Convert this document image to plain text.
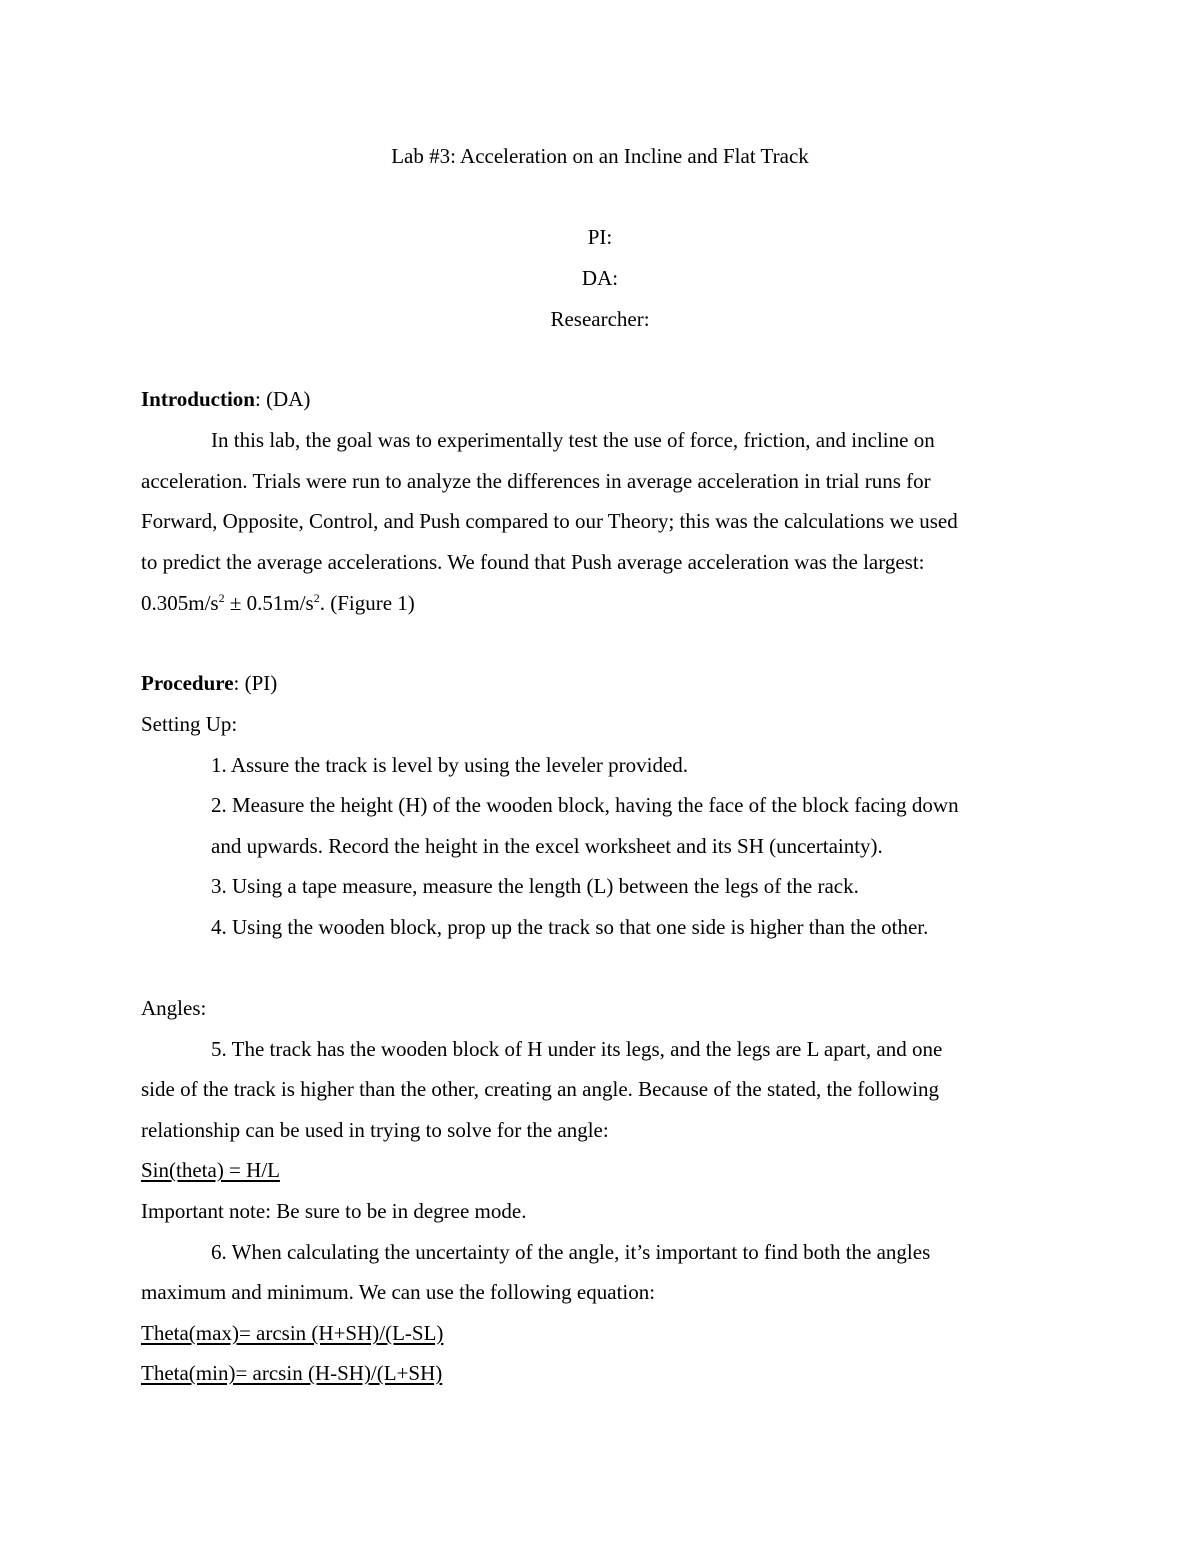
Lab #3: Acceleration on an Incline and Flat Track
PI:
DA:
Researcher:
Introduction: (DA)
In this lab, the goal was to experimentally test the use of force, friction, and incline on
acceleration. Trials were run to analyze the differences in average acceleration in trial runs for
Forward, Opposite, Control, and Push compared to our Theory; this was the calculations we used
to predict the average accelerations. We found that Push average acceleration was the largest:
$0.305m/s^2 \pm 0.51m/s^2$. (Figure 1)
Procedure: (PI)
Setting Up:
1. Assure the track is level by using the leveler provided.
2. Measure the height (H) of the wooden block, having the face of the block facing down
and upwards. Record the height in the excel worksheet and its SH (uncertainty).
3. Using a tape measure, measure the length (L) between the legs of the rack.
4. Using the wooden block, prop up the track so that one side is higher than the other.
Angles:
5. The track has the wooden block of H under its legs, and the legs are L apart, and one
side of the track is higher than the other, creating an angle. Because of the stated, the following
relationship can be used in trying to solve for the angle:
Sin(theta) = H/L
Important note: Be sure to be in degree mode.
6. When calculating the uncertainty of the angle, it’s important to find both the angles
maximum and minimum. We can use the following equation:
Theta(max)= arcsin (H+SH)/(L-SL)
Theta(min)= arcsin (H-SH)/(L+SH)
